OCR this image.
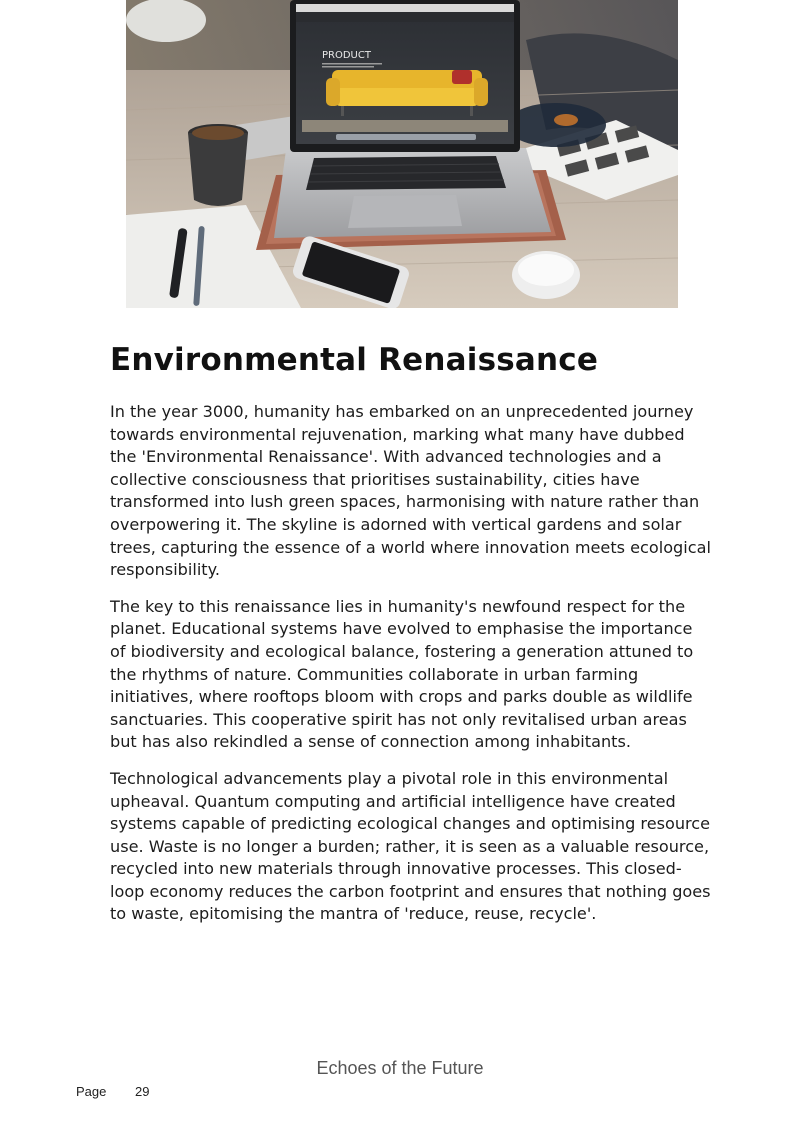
PRODUCT
Environmental Renaissance

In the year 3000, humanity has embarked on an unprecedented journey towards environmental rejuvenation, marking what many have dubbed the 'Environmental Renaissance'. With advanced technologies and a collective consciousness that prioritises sustainability, cities have transformed into lush green spaces, harmonising with nature rather than overpowering it. The skyline is adorned with vertical gardens and solar trees, capturing the essence of a world where innovation meets ecological responsibility.

The key to this renaissance lies in humanity's newfound respect for the planet. Educational systems have evolved to emphasise the importance of biodiversity and ecological balance, fostering a generation attuned to the rhythms of nature. Communities collaborate in urban farming initiatives, where rooftops bloom with crops and parks double as wildlife sanctuaries. This cooperative spirit has not only revitalised urban areas but has also rekindled a sense of connection among inhabitants.

Technological advancements play a pivotal role in this environmental upheaval. Quantum computing and artificial intelligence have created systems capable of predicting ecological changes and optimising resource use. Waste is no longer a burden; rather, it is seen as a valuable resource, recycled into new materials through innovative processes. This closed-loop economy reduces the carbon footprint and ensures that nothing goes to waste, epitomising the mantra of 'reduce, reuse, recycle'.

Echoes of the Future
Page 29
